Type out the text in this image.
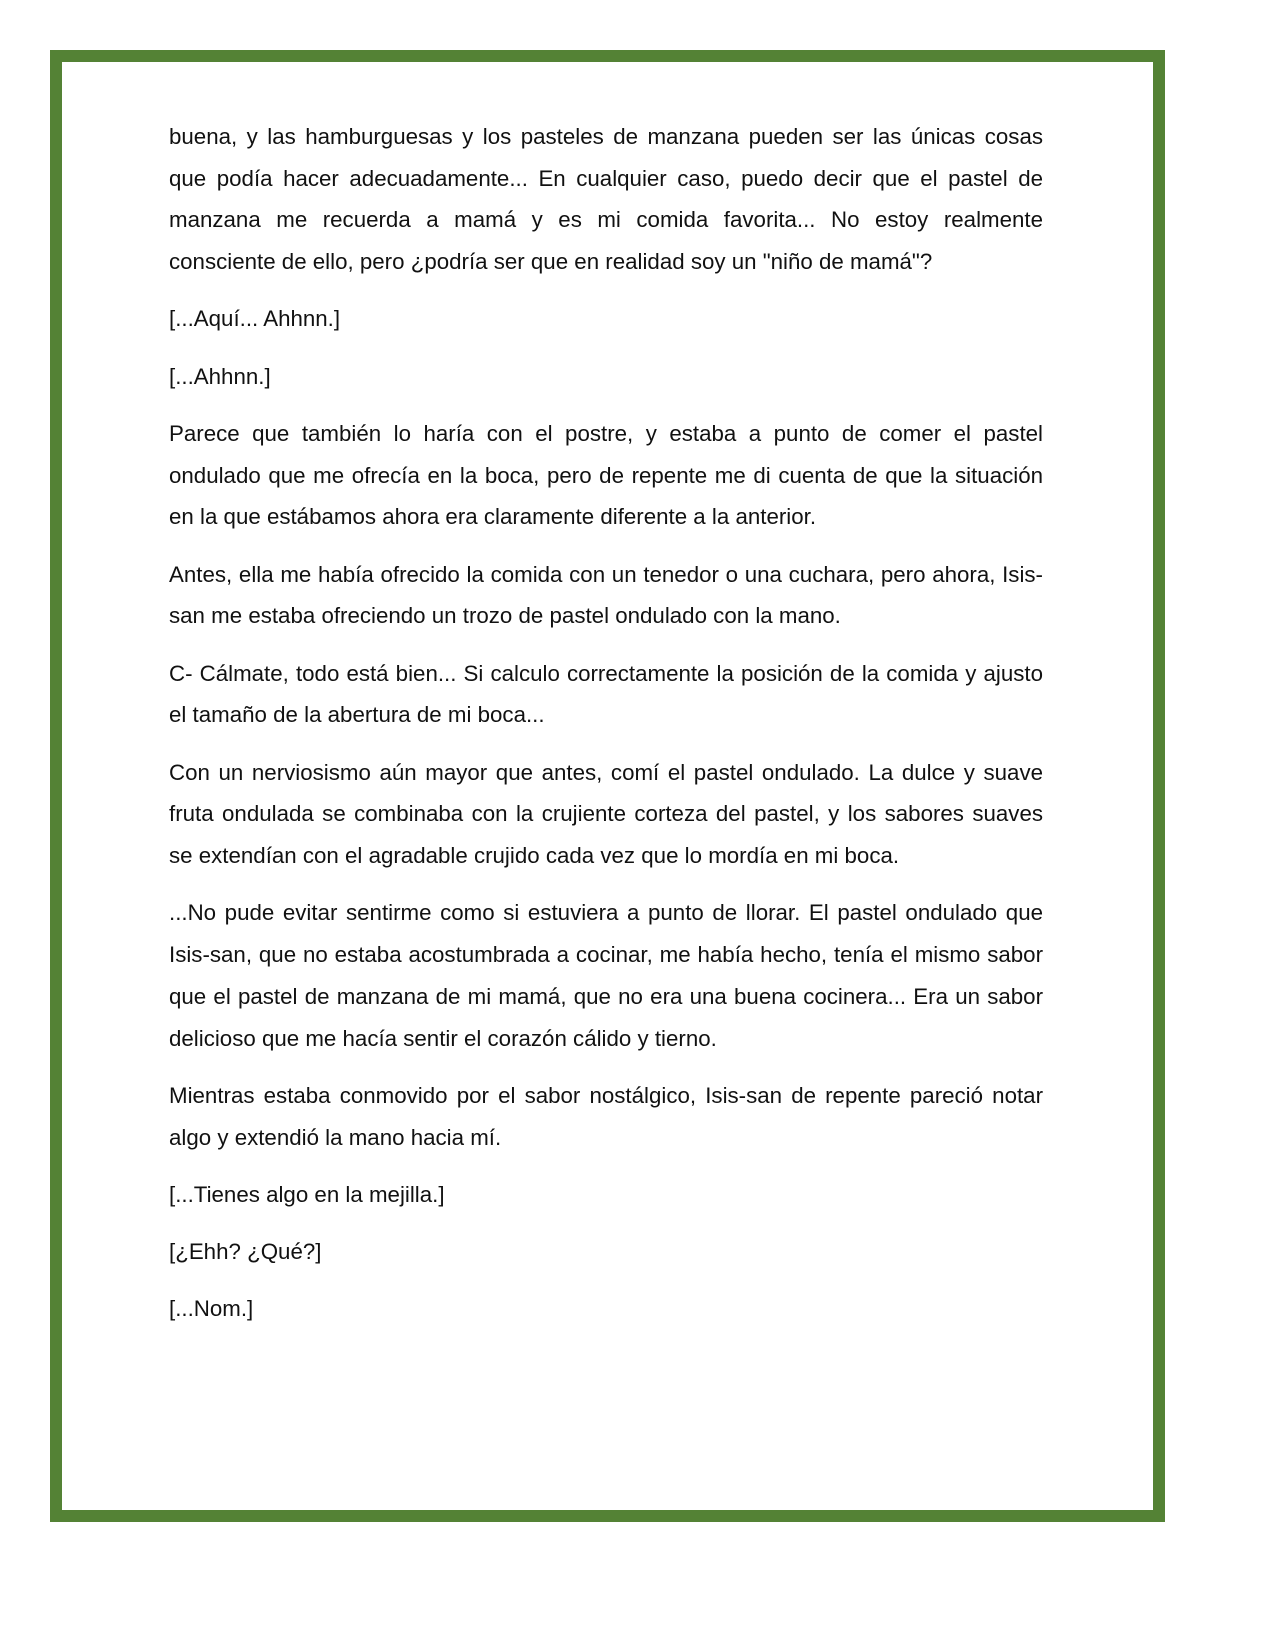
buena, y las hamburguesas y los pasteles de manzana pueden ser las únicas cosas que podía hacer adecuadamente... En cualquier caso, puedo decir que el pastel de manzana me recuerda a mamá y es mi comida favorita... No estoy realmente consciente de ello, pero ¿podría ser que en realidad soy un "niño de mamá"?

[...Aquí... Ahhnn.]

[...Ahhnn.]

Parece que también lo haría con el postre, y estaba a punto de comer el pastel ondulado que me ofrecía en la boca, pero de repente me di cuenta de que la situación en la que estábamos ahora era claramente diferente a la anterior.

Antes, ella me había ofrecido la comida con un tenedor o una cuchara, pero ahora, Isis-san me estaba ofreciendo un trozo de pastel ondulado con la mano.

C- Cálmate, todo está bien... Si calculo correctamente la posición de la comida y ajusto el tamaño de la abertura de mi boca...

Con un nerviosismo aún mayor que antes, comí el pastel ondulado. La dulce y suave fruta ondulada se combinaba con la crujiente corteza del pastel, y los sabores suaves se extendían con el agradable crujido cada vez que lo mordía en mi boca.

...No pude evitar sentirme como si estuviera a punto de llorar. El pastel ondulado que Isis-san, que no estaba acostumbrada a cocinar, me había hecho, tenía el mismo sabor que el pastel de manzana de mi mamá, que no era una buena cocinera... Era un sabor delicioso que me hacía sentir el corazón cálido y tierno.

Mientras estaba conmovido por el sabor nostálgico, Isis-san de repente pareció notar algo y extendió la mano hacia mí.

[...Tienes algo en la mejilla.]

[¿Ehh? ¿Qué?]

[...Nom.]
